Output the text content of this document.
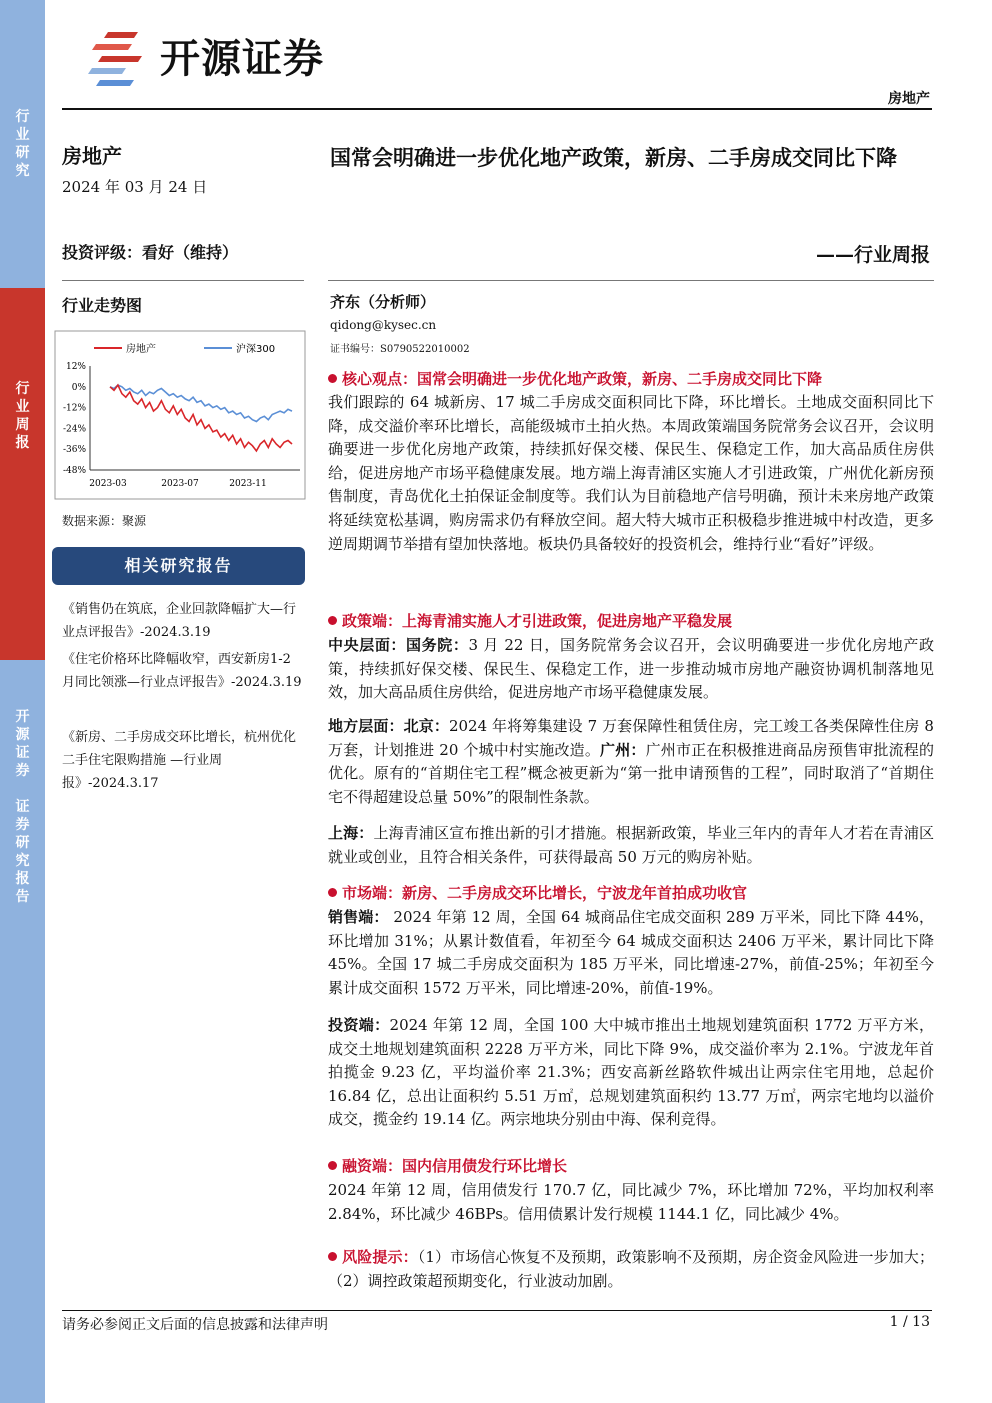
行
业
研
究
行
业
周
报
开
源
证
券

证
券
研
究
报
告
开源证券
房地产
房地产
2024 年 03 月 24 日
投资评级：看好（维持）
行业走势图
房地产	沪深300
12%
0%
-12%
-24%
-36%
-48%
2023-03	2023-07	2023-11
数据来源：聚源
相关研究报告
《销售仍在筑底，企业回款降幅扩大—行业点评报告》-2024.3.19
《住宅价格环比降幅收窄，西安新房1-2 月同比领涨—行业点评报告》-2024.3.19
《新房、二手房成交环比增长，杭州优化二手住宅限购措施 —行业周报》-2024.3.17
国常会明确进一步优化地产政策，新房、二手房成交同比下降
——行业周报
齐东（分析师）
qidong@kysec.cn
证书编号：S0790522010002
核心观点：国常会明确进一步优化地产政策，新房、二手房成交同比下降
我们跟踪的 64 城新房、17 城二手房成交面积同比下降，环比增长。土地成交面积同比下降，成交溢价率环比增长，高能级城市土拍火热。本周政策端国务院常务会议召开，会议明确要进一步优化房地产政策，持续抓好保交楼、保民生、保稳定工作，加大高品质住房供给，促进房地产市场平稳健康发展。地方端上海青浦区实施人才引进政策，广州优化新房预售制度，青岛优化土拍保证金制度等。我们认为目前稳地产信号明确，预计未来房地产政策将延续宽松基调，购房需求仍有释放空间。超大特大城市正积极稳步推进城中村改造，更多逆周期调节举措有望加快落地。板块仍具备较好的投资机会，维持行业“看好”评级。
政策端：上海青浦实施人才引进政策，促进房地产平稳发展
中央层面：国务院：3 月 22 日，国务院常务会议召开，会议明确要进一步优化房地产政策，持续抓好保交楼、保民生、保稳定工作，进一步推动城市房地产融资协调机制落地见效，加大高品质住房供给，促进房地产市场平稳健康发展。
地方层面：北京：2024 年将筹集建设 7 万套保障性租赁住房，完工竣工各类保障性住房 8 万套，计划推进 20 个城中村实施改造。广州：广州市正在积极推进商品房预售审批流程的优化。原有的“首期住宅工程”概念被更新为“第一批申请预售的工程”，同时取消了“首期住宅不得超建设总量 50%”的限制性条款。
上海：上海青浦区宣布推出新的引才措施。根据新政策，毕业三年内的青年人才若在青浦区就业或创业，且符合相关条件，可获得最高 50 万元的购房补贴。
市场端：新房、二手房成交环比增长，宁波龙年首拍成功收官
销售端： 2024 年第 12 周，全国 64 城商品住宅成交面积 289 万平米，同比下降 44%，环比增加 31%；从累计数值看，年初至今 64 城成交面积达 2406 万平米，累计同比下降 45%。全国 17 城二手房成交面积为 185 万平米，同比增速-27%，前值-25%；年初至今累计成交面积 1572 万平米，同比增速-20%，前值-19%。
投资端：2024 年第 12 周，全国 100 大中城市推出土地规划建筑面积 1772 万平方米，成交土地规划建筑面积 2228 万平方米，同比下降 9%，成交溢价率为 2.1%。宁波龙年首拍揽金 9.23 亿，平均溢价率 21.3%；西安高新丝路软件城出让两宗住宅用地，总起价 16.84 亿，总出让面积约 5.51 万㎡，总规划建筑面积约 13.77 万㎡，两宗宅地均以溢价成交，揽金约 19.14 亿。两宗地块分别由中海、保利竞得。
融资端：国内信用债发行环比增长
2024 年第 12 周，信用债发行 170.7 亿，同比减少 7%，环比增加 72%，平均加权利率 2.84%，环比减少 46BPs。信用债累计发行规模 1144.1 亿，同比减少 4%。
风险提示：（1）市场信心恢复不及预期，政策影响不及预期，房企资金风险进一步加大；（2）调控政策超预期变化，行业波动加剧。
请务必参阅正文后面的信息披露和法律声明	1 / 13
